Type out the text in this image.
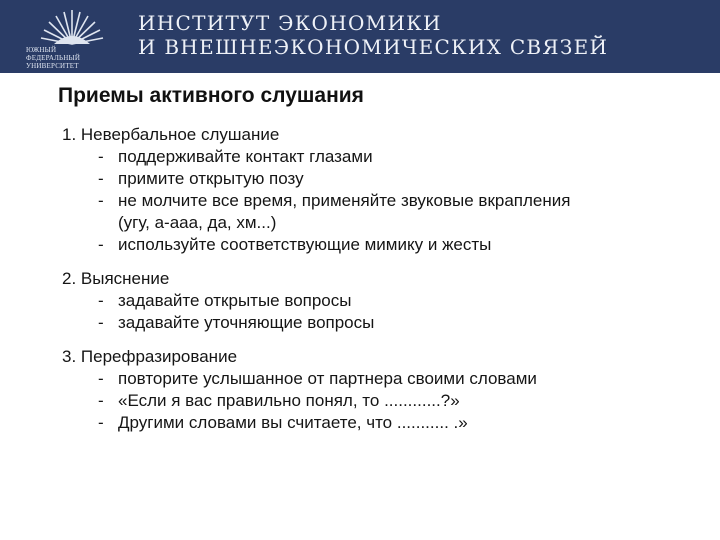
ЮЖНЫЙ
ФЕДЕРАЛЬНЫЙ
УНИВЕРСИТЕТ
ИНСТИТУТ ЭКОНОМИКИ
И ВНЕШНЕЭКОНОМИЧЕСКИХ СВЯЗЕЙ
Приемы активного слушания
1. Невербальное слушание
- поддерживайте контакт глазами
- примите открытую позу
- не молчите все время, применяйте звуковые вкрапления (угу, а-ааа, да, хм...)
- используйте соответствующие мимику и жесты
2. Выяснение
- задавайте открытые вопросы
- задавайте уточняющие вопросы
3. Перефразирование
- повторите услышанное от партнера своими словами
- «Если я вас правильно понял, то ............?»
- Другими словами вы считаете, что ........... .»
